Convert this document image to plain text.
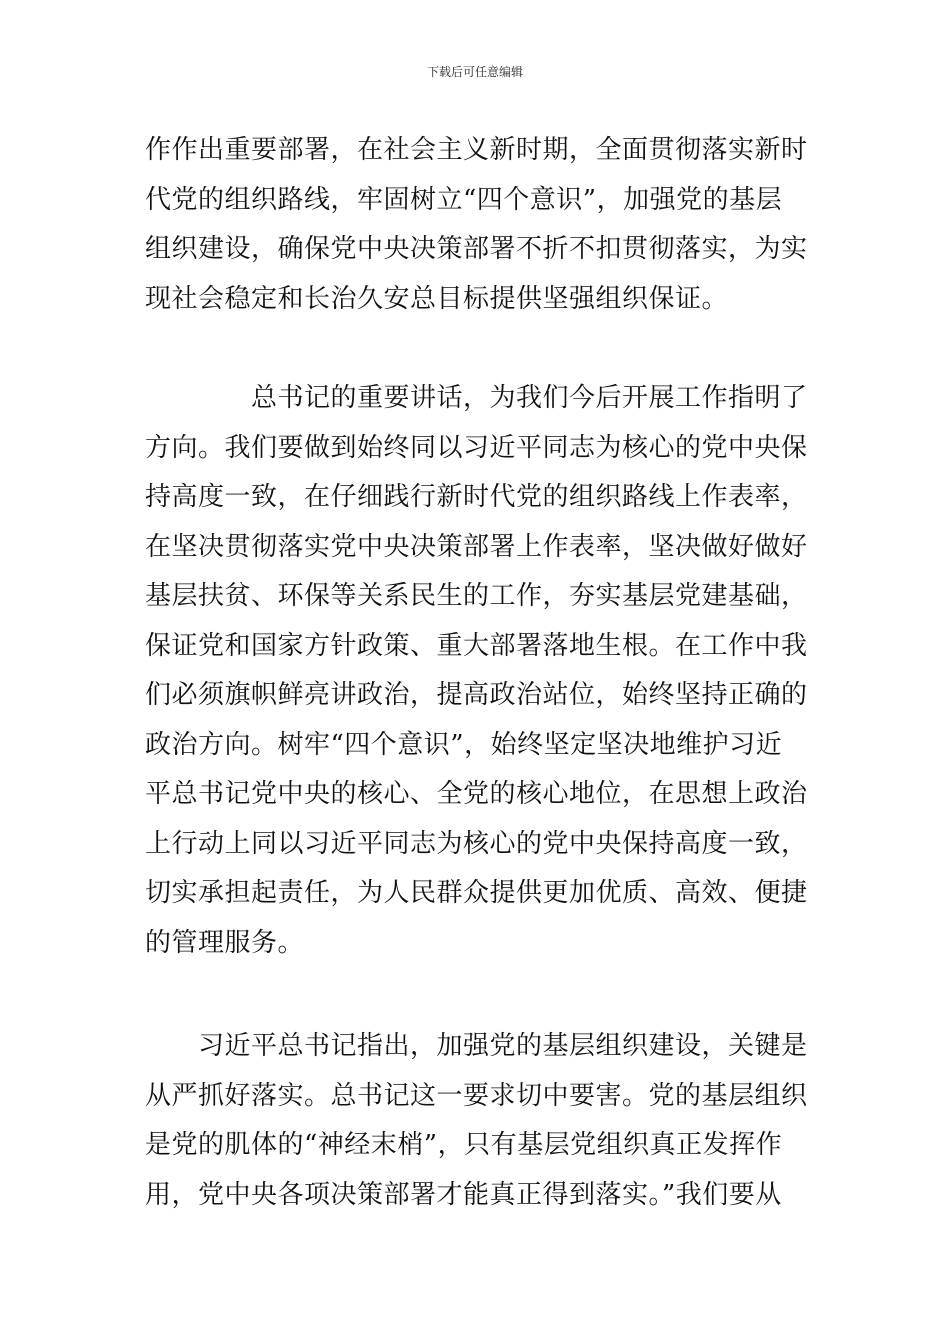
下载后可任意编辑
作作出重要部署，在社会主义新时期，全面贯彻落实新时
代党的组织路线，牢固树立“四个意识”，加强党的基层
组织建设，确保党中央决策部署不折不扣贯彻落实，为实
现社会稳定和长治久安总目标提供坚强组织保证。
　　　　总书记的重要讲话，为我们今后开展工作指明了
方向。我们要做到始终同以习近平同志为核心的党中央保
持高度一致，在仔细践行新时代党的组织路线上作表率，
在坚决贯彻落实党中央决策部署上作表率，坚决做好做好
基层扶贫、环保等关系民生的工作，夯实基层党建基础，
保证党和国家方针政策、重大部署落地生根。在工作中我
们必须旗帜鲜亮讲政治，提高政治站位，始终坚持正确的
政治方向。树牢“四个意识”，始终坚定坚决地维护习近
平总书记党中央的核心、全党的核心地位，在思想上政治
上行动上同以习近平同志为核心的党中央保持高度一致，
切实承担起责任，为人民群众提供更加优质、高效、便捷
的管理服务。
　　习近平总书记指出，加强党的基层组织建设，关键是
从严抓好落实。总书记这一要求切中要害。党的基层组织
是党的肌体的“神经末梢”，只有基层党组织真正发挥作
用，党中央各项决策部署才能真正得到落实。”我们要从
